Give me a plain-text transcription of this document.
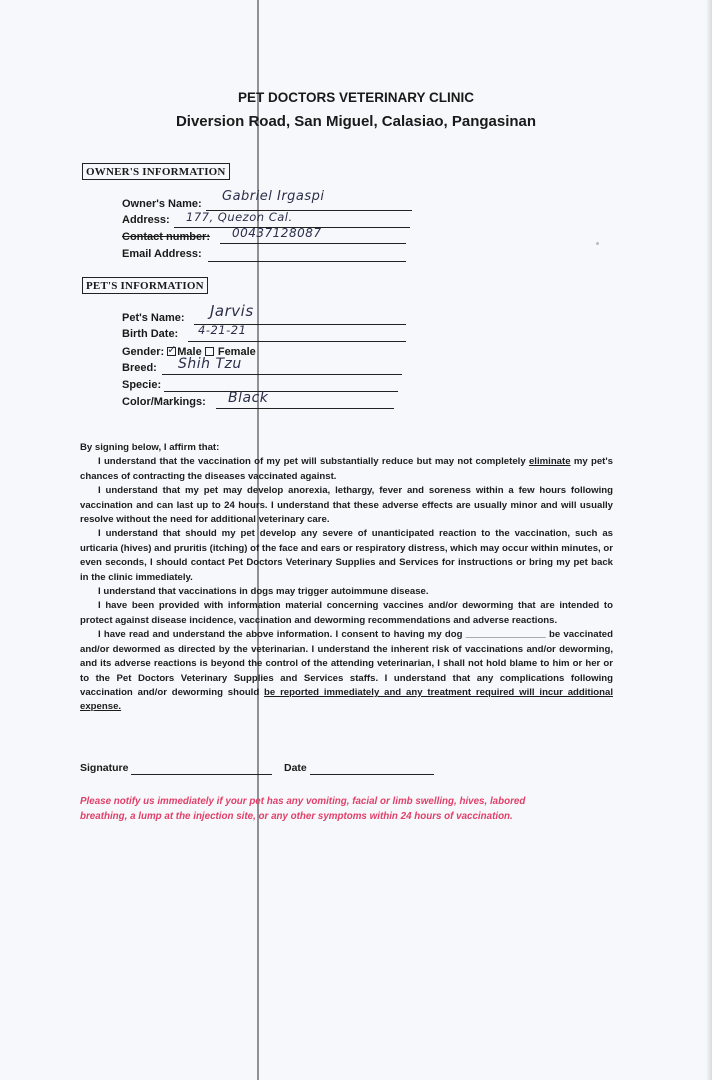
PET DOCTORS VETERINARY CLINIC
Diversion Road, San Miguel, Calasiao, Pangasinan
OWNER'S INFORMATION
Owner's Name: Gabriel Irgaspi
Address: 177, Quezon Cal.
Contact number: 00437128087
Email Address:
PET'S INFORMATION
Pet's Name: Jarvis
Birth Date: 4-21-21
Gender: ✓ Male Female
Breed: Shih Tzu
Specie:
Color/Markings: Black

By signing below, I affirm that:

I understand that the vaccination of my pet will substantially reduce but may not completely eliminate my pet's chances of contracting the diseases vaccinated against.

I understand that my pet may develop anorexia, lethargy, fever and soreness within a few hours following vaccination and can last up to 24 hours. I understand that these adverse effects are usually minor and will usually resolve without the need for additional veterinary care.

I understand that should my pet develop any severe of unanticipated reaction to the vaccination, such as urticaria (hives) and pruritis (itching) of the face and ears or respiratory distress, which may occur within minutes, or even seconds, I should contact Pet Doctors Veterinary Supplies and Services for instructions or bring my pet back in the clinic immediately.

I understand that vaccinations in dogs may trigger autoimmune disease.

I have been provided with information material concerning vaccines and/or deworming that are intended to protect against disease incidence, vaccination and deworming recommendations and adverse reactions.

I have read and understand the above information. I consent to having my dog _______________ be vaccinated and/or dewormed as directed by the veterinarian. I understand the inherent risk of vaccinations and/or deworming, and its adverse reactions is beyond the control of the attending veterinarian, I shall not hold blame to him or her or to the Pet Doctors Veterinary Supplies and Services staffs. I understand that any complications following vaccination and/or deworming should be reported immediately and any treatment required will incur additional expense.

Signature	Date
Please notify us immediately if your pet has any vomiting, facial or limb swelling, hives, labored breathing, a lump at the injection site, or any other symptoms within 24 hours of vaccination.
